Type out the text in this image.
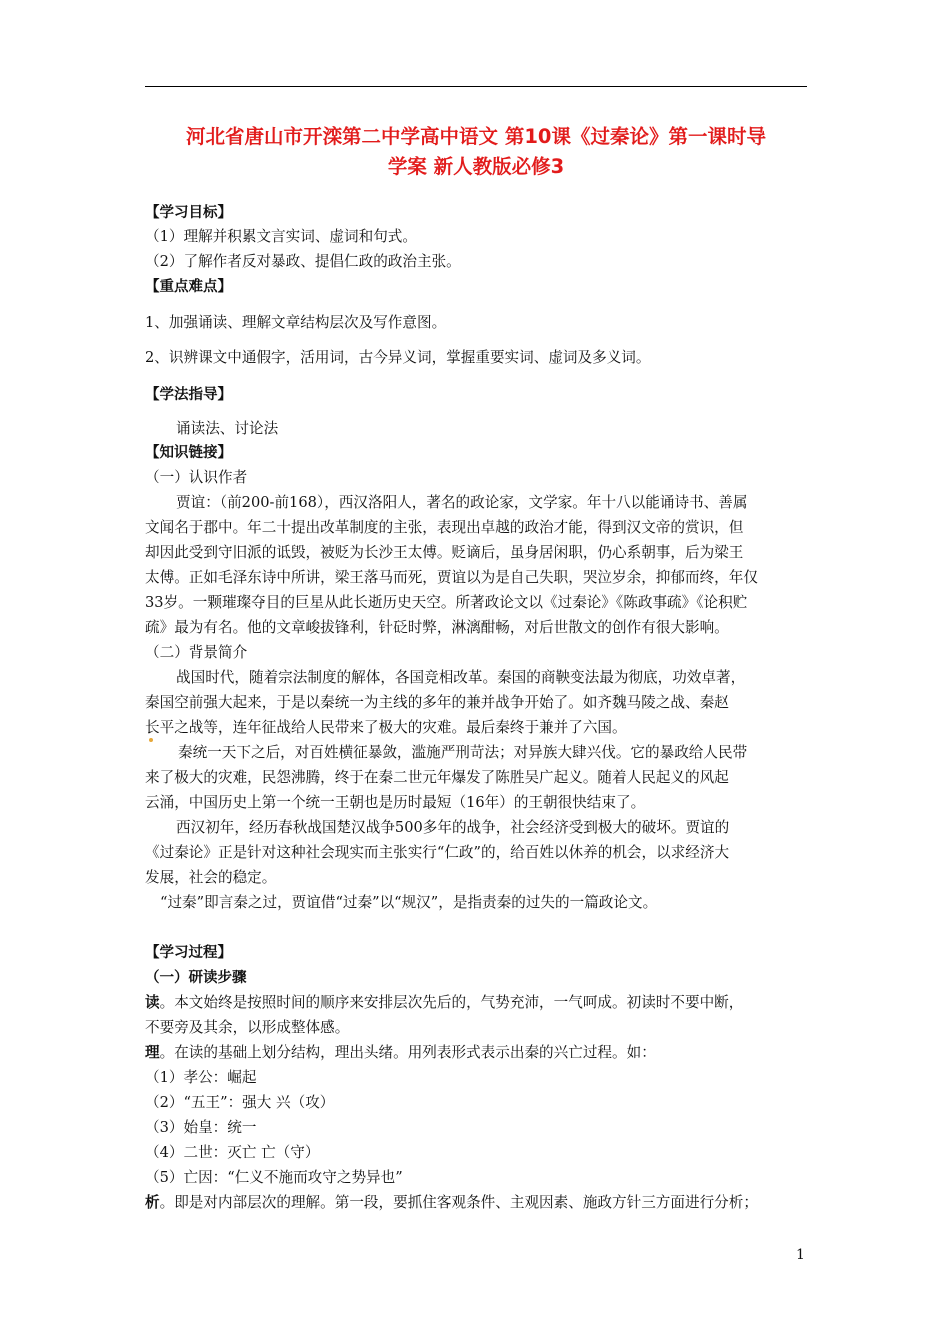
河北省唐山市开滦第二中学高中语文 第10课《过秦论》第一课时导
学案 新人教版必修3
【学习目标】
（1）理解并积累文言实词、虚词和句式。
（2）了解作者反对暴政、提倡仁政的政治主张。
【重点难点】
1、加强诵读、理解文章结构层次及写作意图。
2、识辨课文中通假字，活用词，古今异义词，掌握重要实词、虚词及多义词。
【学法指导】
诵读法、讨论法
【知识链接】
（一）认识作者
贾谊：（前200-前168），西汉洛阳人，著名的政论家，文学家。年十八以能诵诗书、善属
文闻名于郡中。年二十提出改革制度的主张，表现出卓越的政治才能，得到汉文帝的赏识，但
却因此受到守旧派的诋毁，被贬为长沙王太傅。贬谪后，虽身居闲职，仍心系朝事，后为梁王
太傅。正如毛泽东诗中所讲，梁王落马而死，贾谊以为是自己失职，哭泣岁余，抑郁而终，年仅
33岁。一颗璀璨夺目的巨星从此长逝历史天空。所著政论文以《过秦论》《陈政事疏》《论积贮
疏》最为有名。他的文章峻拔锋利，针砭时弊，淋漓酣畅，对后世散文的创作有很大影响。
（二）背景简介
战国时代，随着宗法制度的解体，各国竞相改革。秦国的商鞅变法最为彻底，功效卓著，
秦国空前强大起来，于是以秦统一为主线的多年的兼并战争开始了。如齐魏马陵之战、秦赵
长平之战等，连年征战给人民带来了极大的灾难。最后秦终于兼并了六国。
秦统一天下之后，对百姓横征暴敛，滥施严刑苛法；对异族大肆兴伐。它的暴政给人民带
来了极大的灾难，民怨沸腾，终于在秦二世元年爆发了陈胜吴广起义。随着人民起义的风起
云涌，中国历史上第一个统一王朝也是历时最短（16年）的王朝很快结束了。
西汉初年，经历春秋战国楚汉战争500多年的战争，社会经济受到极大的破坏。贾谊的
《过秦论》正是针对这种社会现实而主张实行“仁政”的，给百姓以休养的机会，以求经济大
发展，社会的稳定。
“过秦”即言秦之过，贾谊借“过秦”以“规汉”，是指责秦的过失的一篇政论文。
【学习过程】
（一）研读步骤
读。本文始终是按照时间的顺序来安排层次先后的，气势充沛，一气呵成。初读时不要中断，
不要旁及其余，以形成整体感。
理。在读的基础上划分结构，理出头绪。用列表形式表示出秦的兴亡过程。如：
（1）孝公：崛起
（2）“五王”：强大 兴（攻）
（3）始皇：统一
（4）二世：灭亡 亡（守）
（5）亡因：“仁义不施而攻守之势异也”
析。即是对内部层次的理解。第一段，要抓住客观条件、主观因素、施政方针三方面进行分析；
1
